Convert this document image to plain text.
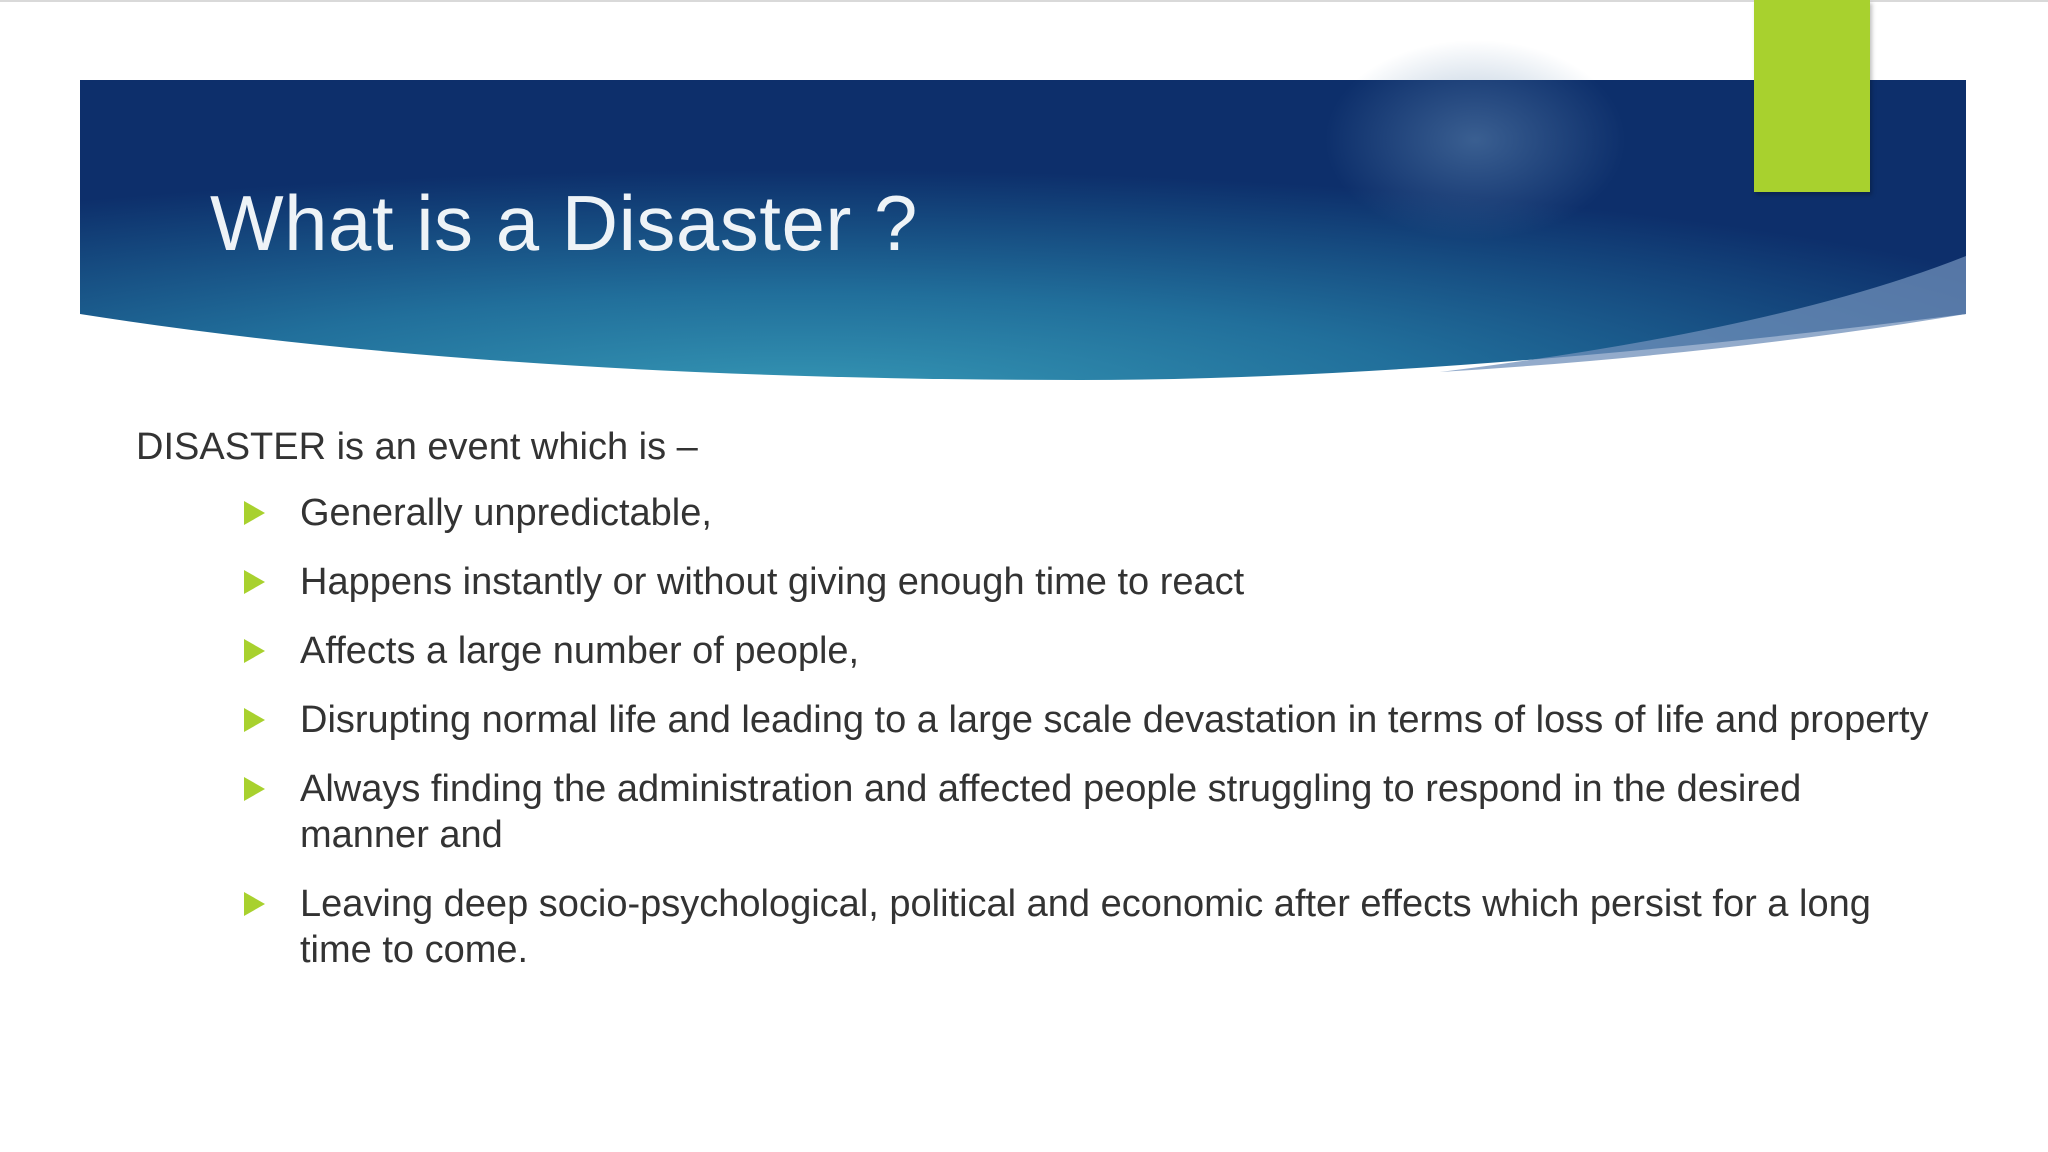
What is a Disaster ?

DISASTER is an event which is –

Generally unpredictable,
Happens instantly or without giving enough time to react
Affects a large number of people,
Disrupting normal life and leading to a large scale devastation in terms of loss of life and property
Always finding the administration and affected people struggling to respond in the desired manner and
Leaving deep socio-psychological, political and economic after effects which persist for a long time to come.
